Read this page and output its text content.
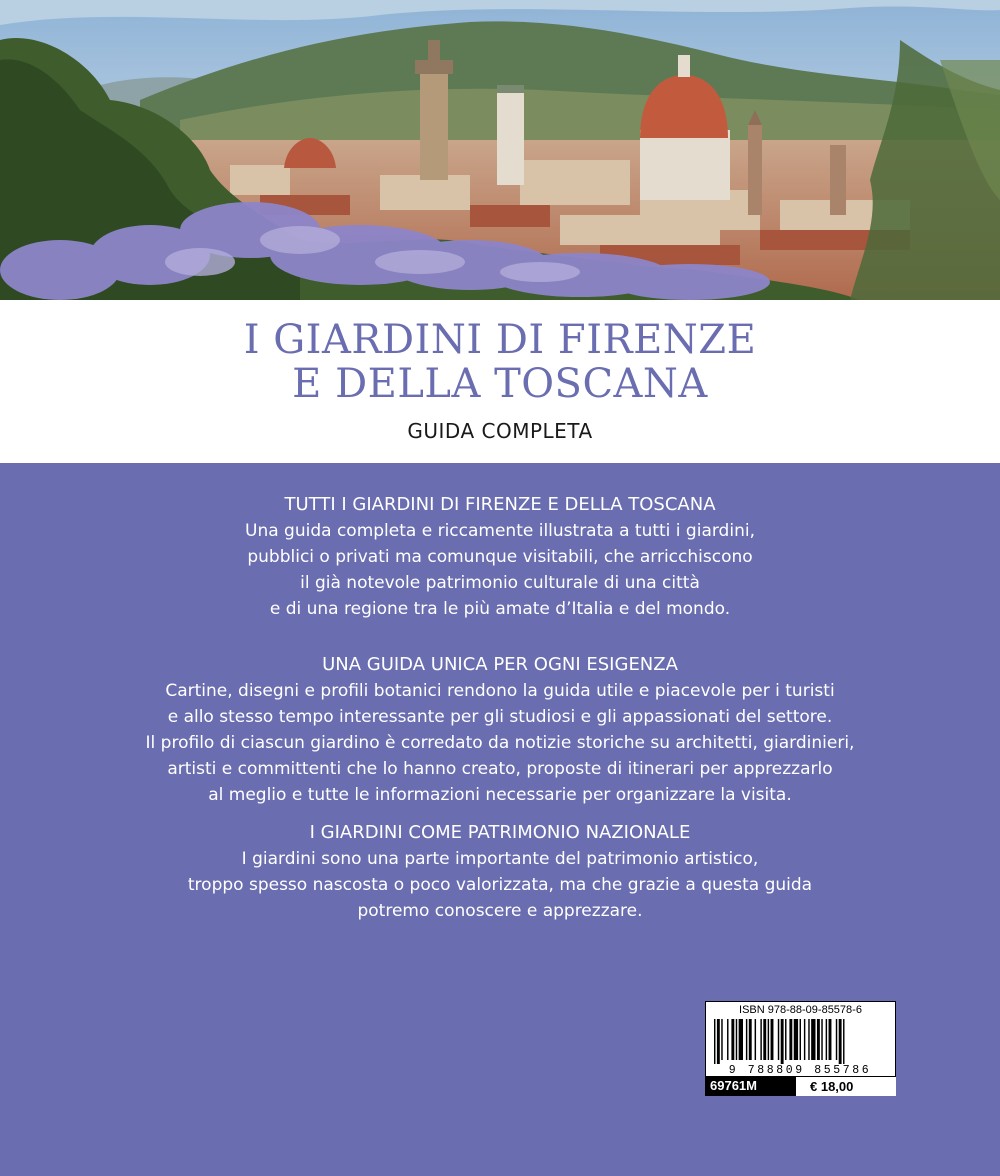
I GIARDINI DI FIRENZE
E DELLA TOSCANA
GUIDA COMPLETA
TUTTI I GIARDINI DI FIRENZE E DELLA TOSCANA
Una guida completa e riccamente illustrata a tutti i giardini,
pubblici o privati ma comunque visitabili, che arricchiscono
il già notevole patrimonio culturale di una città
e di una regione tra le più amate d’Italia e del mondo.
UNA GUIDA UNICA PER OGNI ESIGENZA
Cartine, disegni e profili botanici rendono la guida utile e piacevole per i turisti
e allo stesso tempo interessante per gli studiosi e gli appassionati del settore.
Il profilo di ciascun giardino è corredato da notizie storiche su architetti, giardinieri,
artisti e committenti che lo hanno creato, proposte di itinerari per apprezzarlo
al meglio e tutte le informazioni necessarie per organizzare la visita.
I GIARDINI COME PATRIMONIO NAZIONALE
I giardini sono una parte importante del patrimonio artistico,
troppo spesso nascosta o poco valorizzata, ma che grazie a questa guida
potremo conoscere e apprezzare.
ISBN 978-88-09-85578-6
9 788809 855786
69761M	€ 18,00
